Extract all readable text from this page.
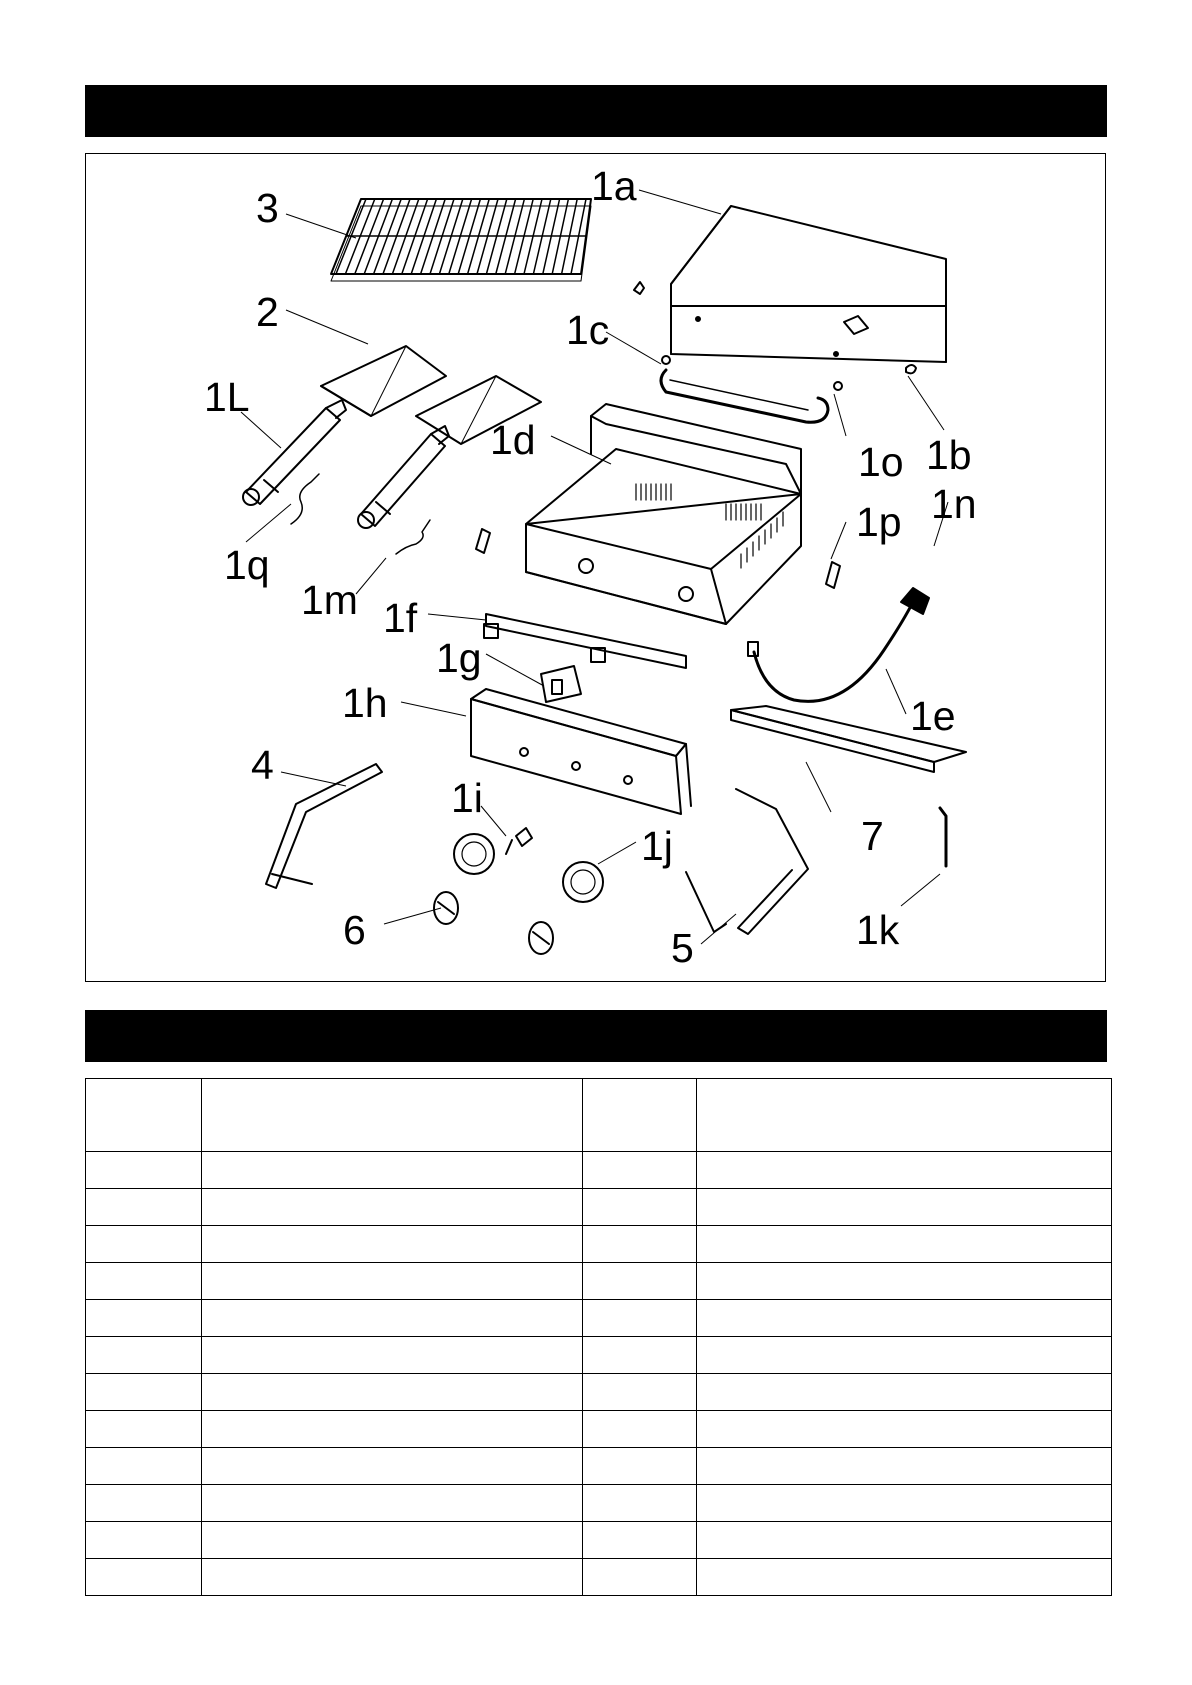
3	1a
2	1c
1L
1d	1o 1b
1n
1p
1q
1m 1f
1g
1h	1e
4
1i
1j	7
6	5	1k
